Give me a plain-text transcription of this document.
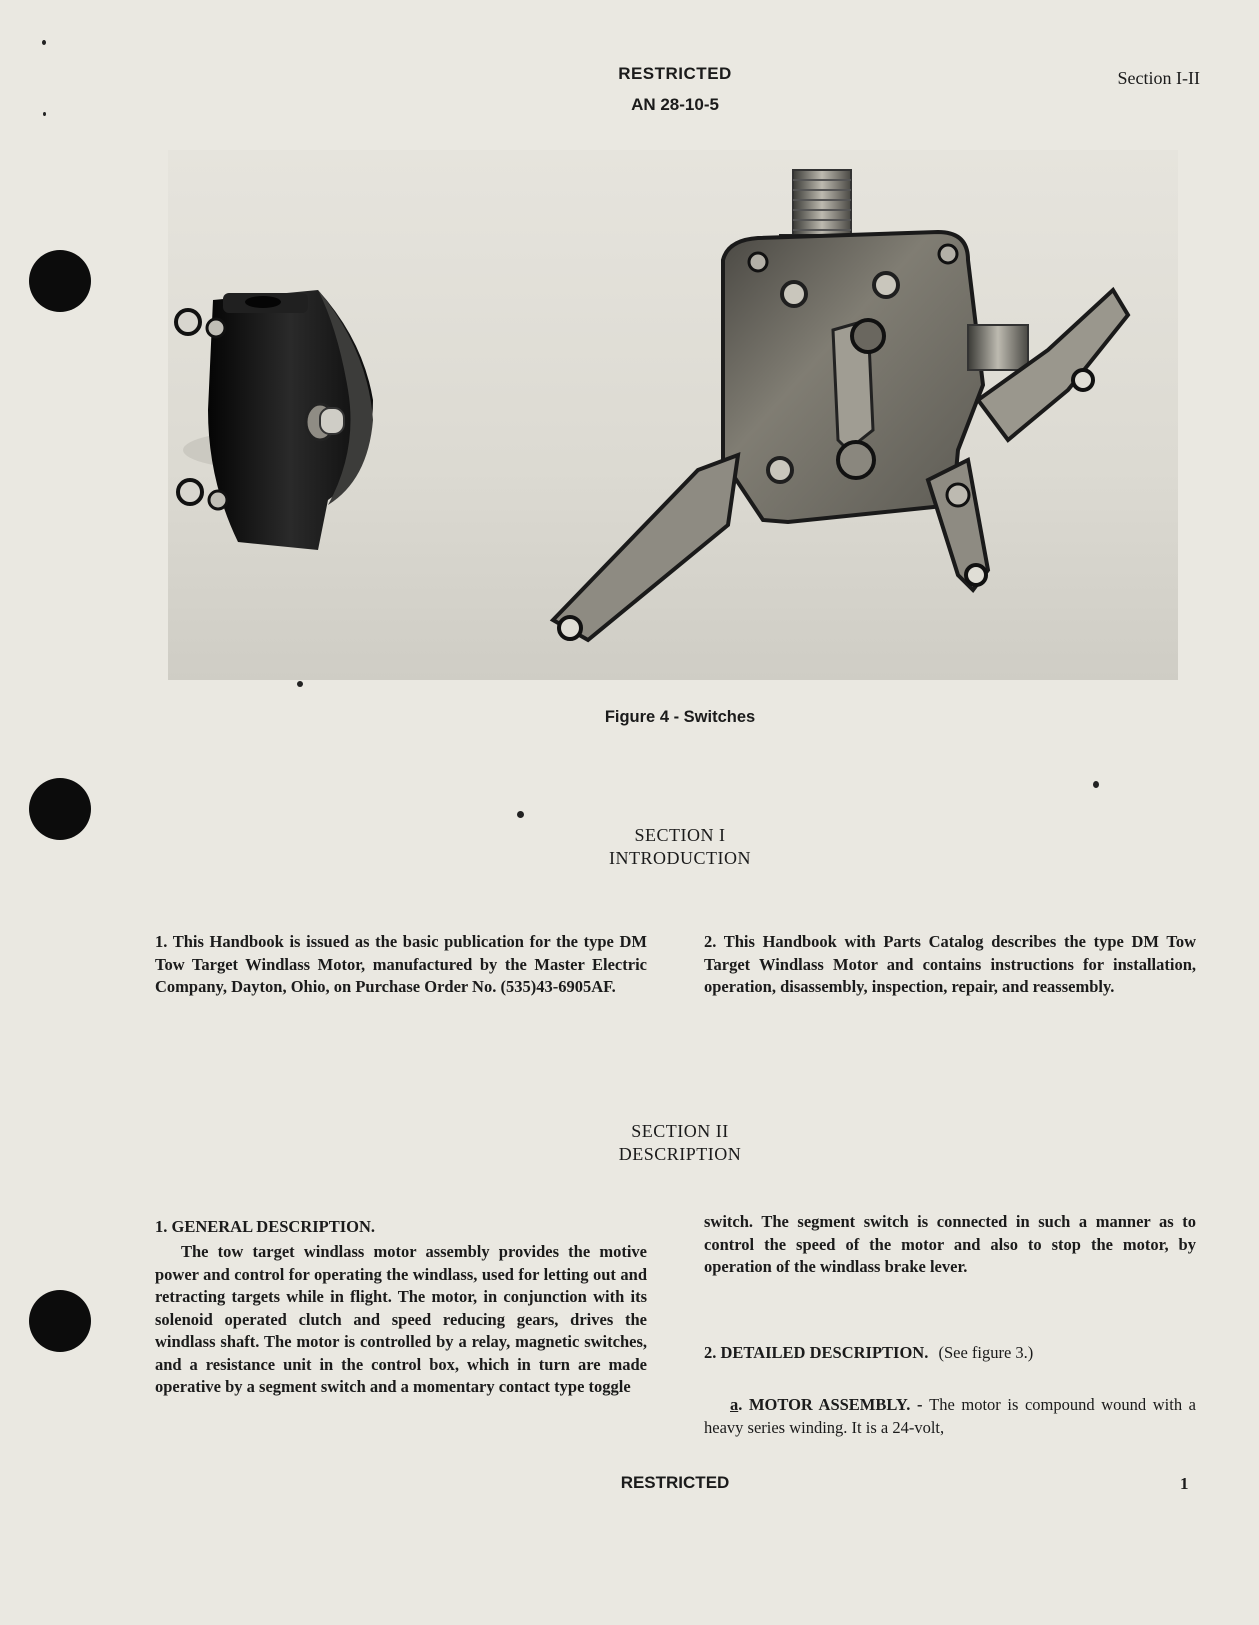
RESTRICTED
AN 28-10-5
Section I-II
Figure 4 - Switches
SECTION I
INTRODUCTION

1. This Handbook is issued as the basic publication for the type DM Tow Target Windlass Motor, manufactured by the Master Electric Company, Dayton, Ohio, on Purchase Order No. (535)43-6905AF.

2. This Handbook with Parts Catalog describes the type DM Tow Target Windlass Motor and contains instructions for installation, operation, disassembly, inspection, repair, and reassembly.

SECTION II
DESCRIPTION
1. GENERAL DESCRIPTION.

The tow target windlass motor assembly provides the motive power and control for operating the windlass, used for letting out and retracting targets while in flight. The motor, in conjunction with its solenoid operated clutch and speed reducing gears, drives the windlass shaft. The motor is controlled by a relay, magnetic switches, and a resistance unit in the control box, which in turn are made operative by a segment switch and a momentary contact type toggle

switch. The segment switch is connected in such a manner as to control the speed of the motor and also to stop the motor, by operation of the windlass brake lever.

2. DETAILED DESCRIPTION. (See figure 3.)

a. MOTOR ASSEMBLY. - The motor is compound wound with a heavy series winding. It is a 24-volt,

RESTRICTED	1
